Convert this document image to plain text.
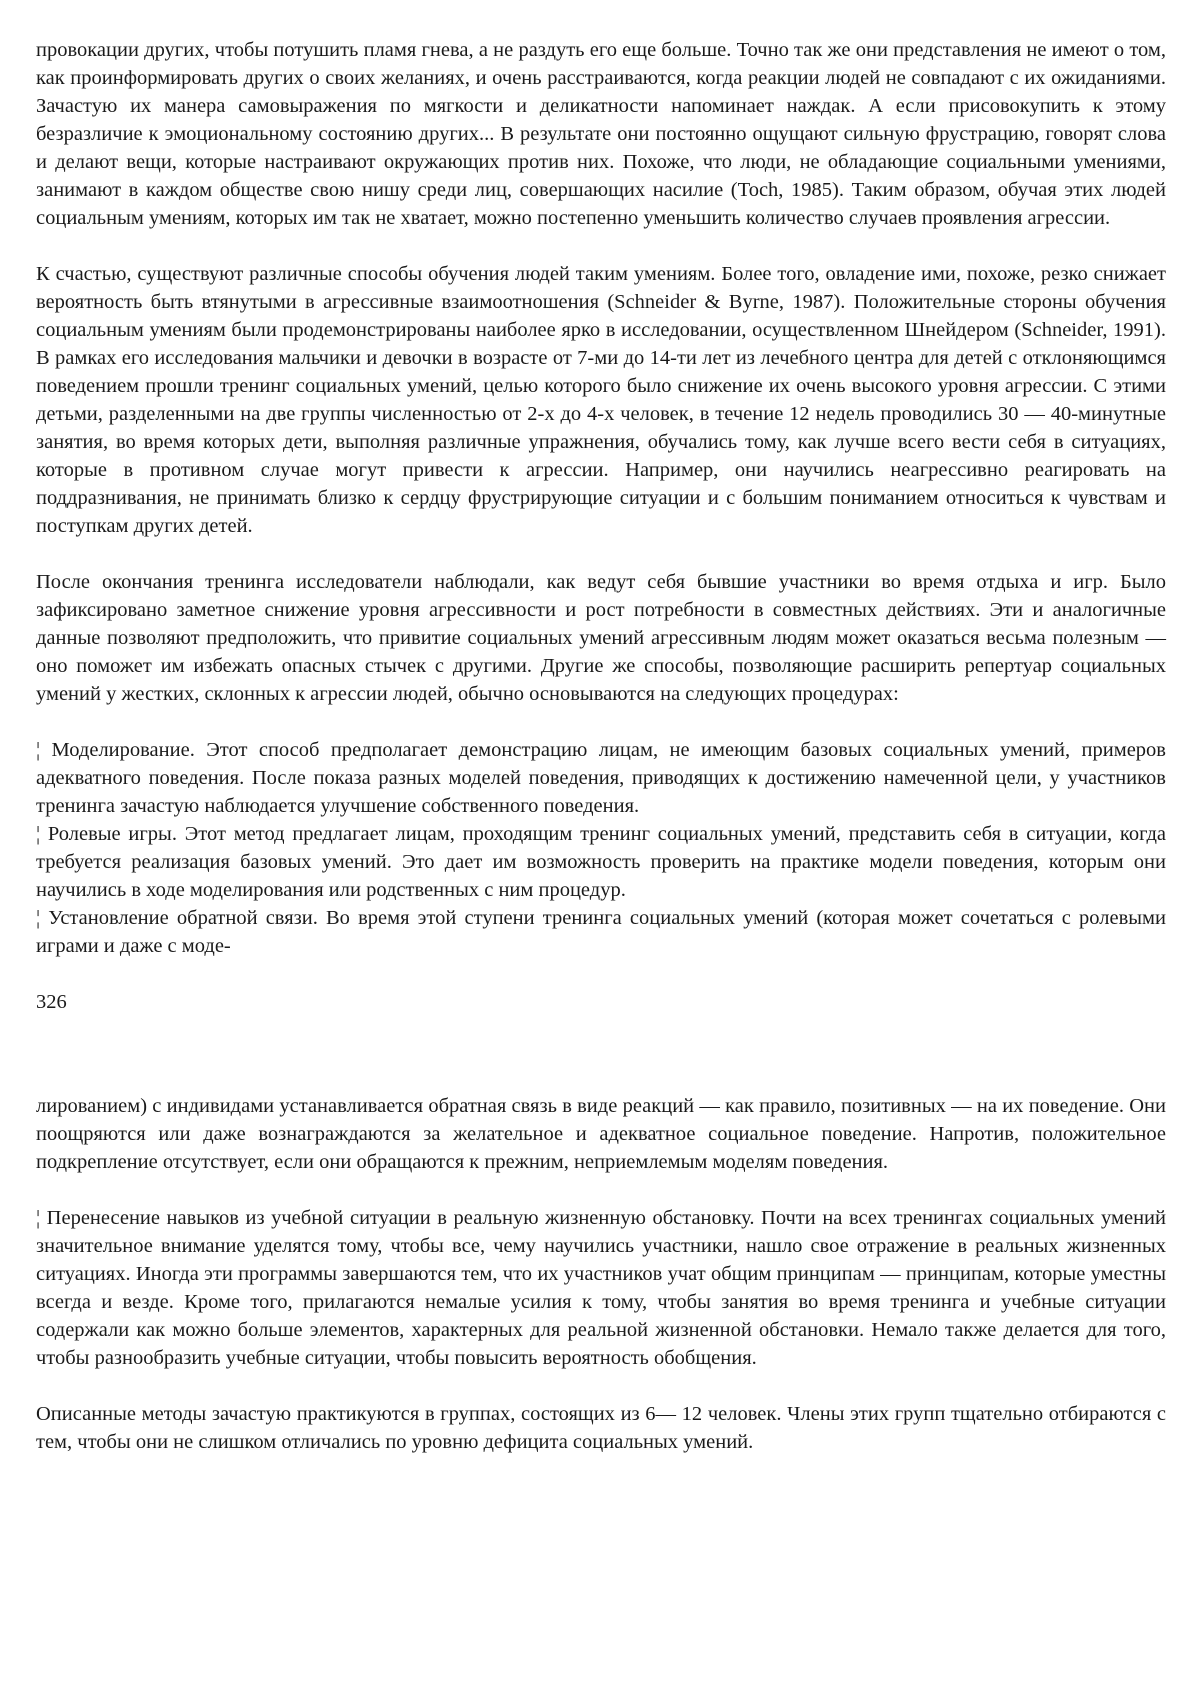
провокации других, чтобы потушить пламя гнева, а не раздуть его еще больше. Точно так же они представления не имеют о том, как проинформировать других о своих желаниях, и очень расстраиваются, когда реакции людей не совпадают с их ожиданиями. Зачастую их манера самовыражения по мягкости и деликатности напоминает наждак. А если присовокупить к этому безразличие к эмоциональному состоянию других... В результате они постоянно ощущают сильную фрустрацию, говорят слова и делают вещи, которые настраивают окружающих против них. Похоже, что люди, не обладающие социальными умениями, занимают в каждом обществе свою нишу среди лиц, совершающих насилие (Toch, 1985). Таким образом, обучая этих людей социальным умениям, которых им так не хватает, можно постепенно уменьшить количество случаев проявления агрессии.

К счастью, существуют различные способы обучения людей таким умениям. Более того, овладение ими, похоже, резко снижает вероятность быть втянутыми в агрессивные взаимоотношения (Schneider & Byrne, 1987). Положительные стороны обучения социальным умениям были продемонстрированы наиболее ярко в исследовании, осуществленном Шнейдером (Schneider, 1991). В рамках его исследования мальчики и девочки в возрасте от 7-ми до 14-ти лет из лечебного центра для детей с отклоняющимся поведением прошли тренинг социальных умений, целью которого было снижение их очень высокого уровня агрессии. С этими детьми, разделенными на две группы численностью от 2-х до 4-х человек, в течение 12 недель проводились 30 — 40-минутные занятия, во время которых дети, выполняя различные упражнения, обучались тому, как лучше всего вести себя в ситуациях, которые в противном случае могут привести к агрессии. Например, они научились неагрессивно реагировать на поддразнивания, не принимать близко к сердцу фрустрирующие ситуации и с большим пониманием относиться к чувствам и поступкам других детей.

После окончания тренинга исследователи наблюдали, как ведут себя бывшие участники во время отдыха и игр. Было зафиксировано заметное снижение уровня агрессивности и рост потребности в совместных действиях. Эти и аналогичные данные позволяют предположить, что привитие социальных умений агрессивным людям может оказаться весьма полезным — оно поможет им избежать опасных стычек с другими. Другие же способы, позволяющие расширить репертуар социальных умений у жестких, склонных к агрессии людей, обычно основываются на следующих процедурах:

¦ Моделирование. Этот способ предполагает демонстрацию лицам, не имеющим базовых социальных умений, примеров адекватного поведения. После показа разных моделей поведения, приводящих к достижению намеченной цели, у участников тренинга зачастую наблюдается улучшение собственного поведения.

¦ Ролевые игры. Этот метод предлагает лицам, проходящим тренинг социальных умений, представить себя в ситуации, когда требуется реализация базовых умений. Это дает им возможность проверить на практике модели поведения, которым они научились в ходе моделирования или родственных с ним процедур.

¦ Установление обратной связи. Во время этой ступени тренинга социальных умений (которая может сочетаться с ролевыми играми и даже с моде-

326

лированием) с индивидами устанавливается обратная связь в виде реакций — как правило, позитивных — на их поведение. Они поощряются или даже вознаграждаются за желательное и адекватное социальное поведение. Напротив, положительное подкрепление отсутствует, если они обращаются к прежним, неприемлемым моделям поведения.

¦ Перенесение навыков из учебной ситуации в реальную жизненную обстановку. Почти на всех тренингах социальных умений значительное внимание уделятся тому, чтобы все, чему научились участники, нашло свое отражение в реальных жизненных ситуациях. Иногда эти программы завершаются тем, что их участников учат общим принципам — принципам, которые уместны всегда и везде. Кроме того, прилагаются немалые усилия к тому, чтобы занятия во время тренинга и учебные ситуации содержали как можно больше элементов, характерных для реальной жизненной обстановки. Немало также делается для того, чтобы разнообразить учебные ситуации, чтобы повысить вероятность обобщения.

Описанные методы зачастую практикуются в группах, состоящих из 6— 12 человек. Члены этих групп тщательно отбираются с тем, чтобы они не слишком отличались по уровню дефицита социальных умений.
